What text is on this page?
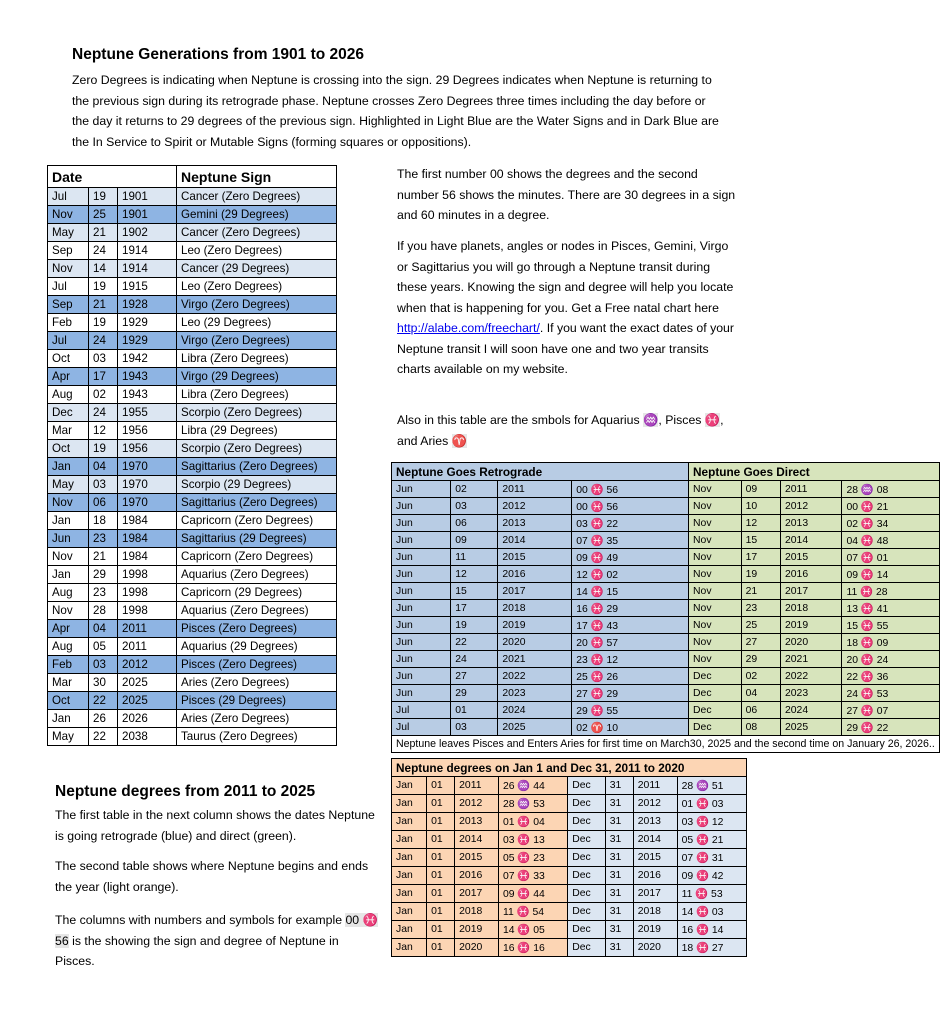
Neptune Generations from 1901 to 2026

Zero Degrees is indicating when Neptune is crossing into the sign. 29 Degrees indicates when Neptune is returning to the previous sign during its retrograde phase. Neptune crosses Zero Degrees three times including the day before or the day it returns to 29 degrees of the previous sign. Highlighted in Light Blue are the Water Signs and in Dark Blue are the In Service to Spirit or Mutable Signs (forming squares or oppositions).

Date			Neptune Sign
Jul	19	1901	Cancer (Zero Degrees)
Nov	25	1901	Gemini (29 Degrees)
May	21	1902	Cancer (Zero Degrees)
Sep	24	1914	Leo (Zero Degrees)
Nov	14	1914	Cancer (29 Degrees)
Jul	19	1915	Leo (Zero Degrees)
Sep	21	1928	Virgo (Zero Degrees)
Feb	19	1929	Leo (29 Degrees)
Jul	24	1929	Virgo (Zero Degrees)
Oct	03	1942	Libra (Zero Degrees)
Apr	17	1943	Virgo (29 Degrees)
Aug	02	1943	Libra (Zero Degrees)
Dec	24	1955	Scorpio (Zero Degrees)
Mar	12	1956	Libra (29 Degrees)
Oct	19	1956	Scorpio (Zero Degrees)
Jan	04	1970	Sagittarius (Zero Degrees)
May	03	1970	Scorpio (29 Degrees)
Nov	06	1970	Sagittarius (Zero Degrees)
Jan	18	1984	Capricorn (Zero Degrees)
Jun	23	1984	Sagittarius (29 Degrees)
Nov	21	1984	Capricorn (Zero Degrees)
Jan	29	1998	Aquarius (Zero Degrees)
Aug	23	1998	Capricorn (29 Degrees)
Nov	28	1998	Aquarius (Zero Degrees)
Apr	04	2011	Pisces (Zero Degrees)
Aug	05	2011	Aquarius (29 Degrees)
Feb	03	2012	Pisces (Zero Degrees)
Mar	30	2025	Aries (Zero Degrees)
Oct	22	2025	Pisces (29 Degrees)
Jan	26	2026	Aries (Zero Degrees)
May	22	2038	Taurus (Zero Degrees)

The first number 00 shows the degrees and the second number 56 shows the minutes. There are 30 degrees in a sign and 60 minutes in a degree.

If you have planets, angles or nodes in Pisces, Gemini, Virgo or Sagittarius you will go through a Neptune transit during these years. Knowing the sign and degree will help you locate when that is happening for you. Get a Free natal chart here http://alabe.com/freechart/. If you want the exact dates of your Neptune transit I will soon have one and two year transits charts available on my website.

Also in this table are the smbols for Aquarius ♒, Pisces ♓, and Aries ♈

Neptune Goes Retrograde				Neptune Goes Direct			
Jun	02	2011	00 ♓ 56	Nov	09	2011	28 ♒ 08
Jun	03	2012	00 ♓ 56	Nov	10	2012	00 ♓ 21
Jun	06	2013	03 ♓ 22	Nov	12	2013	02 ♓ 34
Jun	09	2014	07 ♓ 35	Nov	15	2014	04 ♓ 48
Jun	11	2015	09 ♓ 49	Nov	17	2015	07 ♓ 01
Jun	12	2016	12 ♓ 02	Nov	19	2016	09 ♓ 14
Jun	15	2017	14 ♓ 15	Nov	21	2017	11 ♓ 28
Jun	17	2018	16 ♓ 29	Nov	23	2018	13 ♓ 41
Jun	19	2019	17 ♓ 43	Nov	25	2019	15 ♓ 55
Jun	22	2020	20 ♓ 57	Nov	27	2020	18 ♓ 09
Jun	24	2021	23 ♓ 12	Nov	29	2021	20 ♓ 24
Jun	27	2022	25 ♓ 26	Dec	02	2022	22 ♓ 36
Jun	29	2023	27 ♓ 29	Dec	04	2023	24 ♓ 53
Jul	01	2024	29 ♓ 55	Dec	06	2024	27 ♓ 07
Jul	03	2025	02 ♈ 10	Dec	08	2025	29 ♓ 22
Neptune leaves Pisces and Enters Aries for first time on March30, 2025 and the second time on January 26, 2026..							
Neptune degrees on Jan 1 and Dec 31, 2011 to 2020							
Jan	01	2011	26 ♒ 44	Dec	31	2011	28 ♒ 51
Jan	01	2012	28 ♒ 53	Dec	31	2012	01 ♓ 03
Jan	01	2013	01 ♓ 04	Dec	31	2013	03 ♓ 12
Jan	01	2014	03 ♓ 13	Dec	31	2014	05 ♓ 21
Jan	01	2015	05 ♓ 23	Dec	31	2015	07 ♓ 31
Jan	01	2016	07 ♓ 33	Dec	31	2016	09 ♓ 42
Jan	01	2017	09 ♓ 44	Dec	31	2017	11 ♓ 53
Jan	01	2018	11 ♓ 54	Dec	31	2018	14 ♓ 03
Jan	01	2019	14 ♓ 05	Dec	31	2019	16 ♓ 14
Jan	01	2020	16 ♓ 16	Dec	31	2020	18 ♓ 27
Neptune degrees from 2011 to 2025

The first table in the next column shows the dates Neptune is going retrograde (blue) and direct (green).

The second table shows where Neptune begins and ends the year (light orange).

The columns with numbers and symbols for example 00 ♓ 56 is the showing the sign and degree of Neptune in Pisces.
